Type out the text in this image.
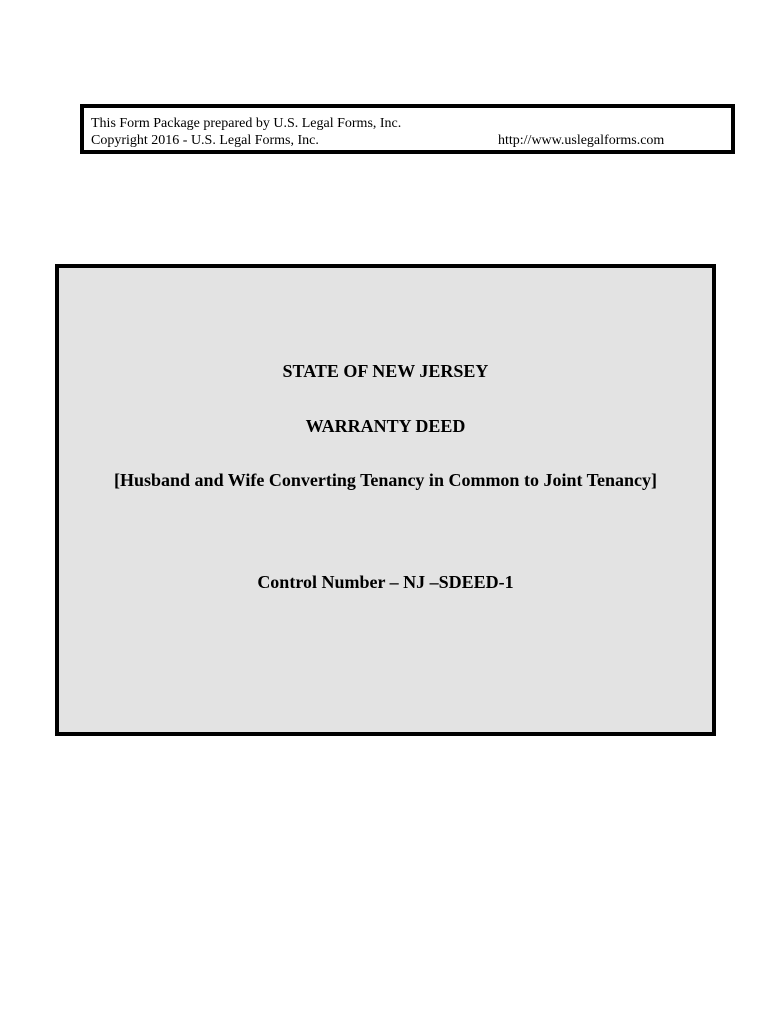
This Form Package prepared by U.S. Legal Forms, Inc.
Copyright 2016 - U.S. Legal Forms, Inc.	http://www.uslegalforms.com
STATE OF NEW JERSEY
WARRANTY DEED
[Husband and Wife Converting Tenancy in Common to Joint Tenancy]
Control Number – NJ –SDEED-1
